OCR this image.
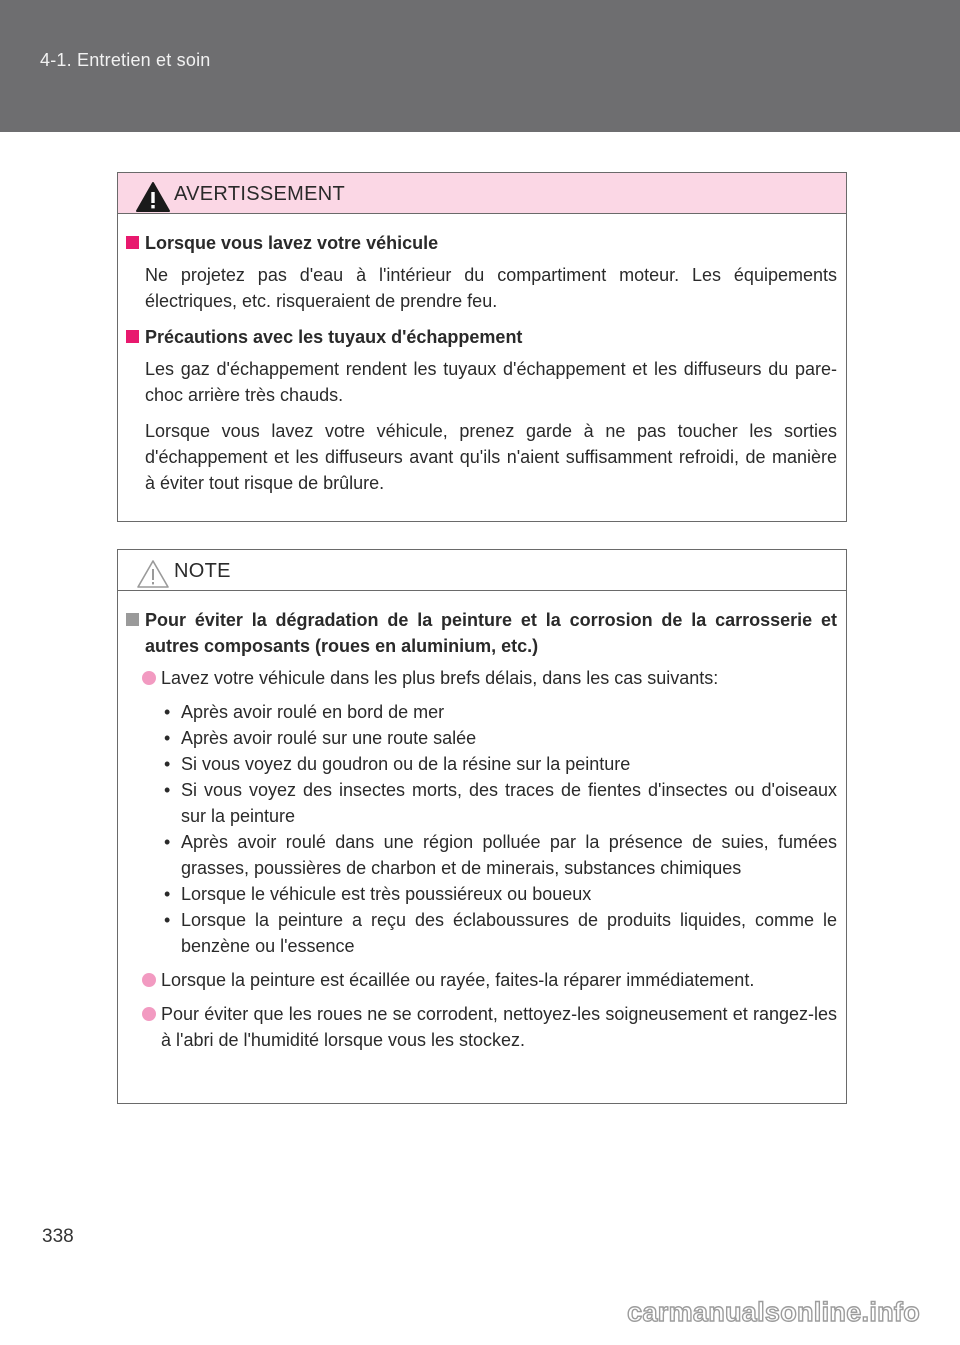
4-1. Entretien et soin
AVERTISSEMENT
Lorsque vous lavez votre véhicule
Ne projetez pas d'eau à l'intérieur du compartiment moteur. Les équipements électriques, etc. risqueraient de prendre feu.
Précautions avec les tuyaux d'échappement
Les gaz d'échappement rendent les tuyaux d'échappement et les diffuseurs du pare-choc arrière très chauds.
Lorsque vous lavez votre véhicule, prenez garde à ne pas toucher les sorties d'échappement et les diffuseurs avant qu'ils n'aient suffisamment refroidi, de manière à éviter tout risque de brûlure.
NOTE
Pour éviter la dégradation de la peinture et la corrosion de la carrosserie et autres composants (roues en aluminium, etc.)
Lavez votre véhicule dans les plus brefs délais, dans les cas suivants:
• Après avoir roulé en bord de mer
• Après avoir roulé sur une route salée
• Si vous voyez du goudron ou de la résine sur la peinture
• Si vous voyez des insectes morts, des traces de fientes d'insectes ou d'oiseaux sur la peinture
• Après avoir roulé dans une région polluée par la présence de suies, fumées grasses, poussières de charbon et de minerais, substances chimiques
• Lorsque le véhicule est très poussiéreux ou boueux
• Lorsque la peinture a reçu des éclaboussures de produits liquides, comme le benzène ou l'essence
Lorsque la peinture est écaillée ou rayée, faites-la réparer immédiatement.
Pour éviter que les roues ne se corrodent, nettoyez-les soigneusement et rangez-les à l'abri de l'humidité lorsque vous les stockez.
338
carmanualsonline.info
